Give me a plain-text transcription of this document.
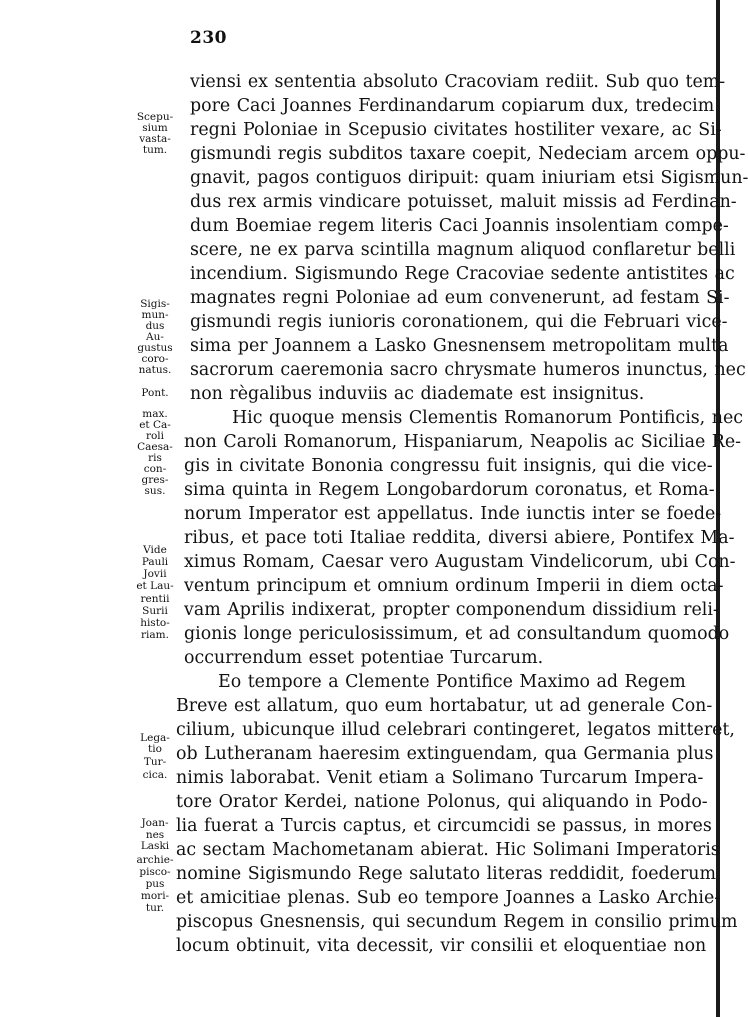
230
viensi ex sententia absoluto Cracoviam rediit. Sub quo tem-
pore Caci Joannes Ferdinandarum copiarum dux, tredecim
regni Poloniae in Scepusio civitates hostiliter vexare, ac Si-
gismundi regis subditos taxare coepit, Nedeciam arcem oppu-
gnavit, pagos contiguos diripuit: quam iniuriam etsi Sigismun-
dus rex armis vindicare potuisset, maluit missis ad Ferdinan-
dum Boemiae regem literis Caci Joannis insolentiam compe-
scere, ne ex parva scintilla magnum aliquod conflaretur belli
incendium. Sigismundo Rege Cracoviae sedente antistites ac
magnates regni Poloniae ad eum convenerunt, ad festam Si-
gismundi regis iunioris coronationem, qui die Februari vice-
sima per Joannem a Lasko Gnesnensem metropolitam multa
sacrorum caeremonia sacro chrysmate humeros inunctus, nec
non règalibus induviis ac diademate est insignitus.
Hic quoque mensis Clementis Romanorum Pontificis, nec
non Caroli Romanorum, Hispaniarum, Neapolis ac Siciliae Re-
gis in civitate Bononia congressu fuit insignis, qui die vice-
sima quinta in Regem Longobardorum coronatus, et Roma-
norum Imperator est appellatus. Inde iunctis inter se foede-
ribus, et pace toti Italiae reddita, diversi abiere, Pontifex Ma-
ximus Romam, Caesar vero Augustam Vindelicorum, ubi Con-
ventum principum et omnium ordinum Imperii in diem octa-
vam Aprilis indixerat, propter componendum dissidium reli-
gionis longe periculosissimum, et ad consultandum quomodo
occurrendum esset potentiae Turcarum.
Eo tempore a Clemente Pontifice Maximo ad Regem
Breve est allatum, quo eum hortabatur, ut ad generale Con-
cilium, ubicunque illud celebrari contingeret, legatos mitteret,
ob Lutheranam haeresim extinguendam, qua Germania plus
nimis laborabat. Venit etiam a Solimano Turcarum Impera-
tore Orator Kerdei, natione Polonus, qui aliquando in Podo-
lia fuerat a Turcis captus, et circumcidi se passus, in mores
ac sectam Machometanam abierat. Hic Solimani Imperatoris
nomine Sigismundo Rege salutato literas reddidit, foederum
et amicitiae plenas. Sub eo tempore Joannes a Lasko Archie-
piscopus Gnesnensis, qui secundum Regem in consilio primum
locum obtinuit, vita decessit, vir consilii et eloquentiae non
Scepu-
sium
vasta-
tum.
Sigis-
mun-
dus
Au-
gustus
coro-
natus.
Pont.
max.
et Ca-
roli
Caesa-
ris
con-
gres-
sus.
Vide
Pauli
Jovii
et Lau-
rentii
Surii
histo-
riam.
Lega-
tio
Tur-
cica.
Joan-
nes
Laski
archie-
pisco-
pus
mori-
tur.
